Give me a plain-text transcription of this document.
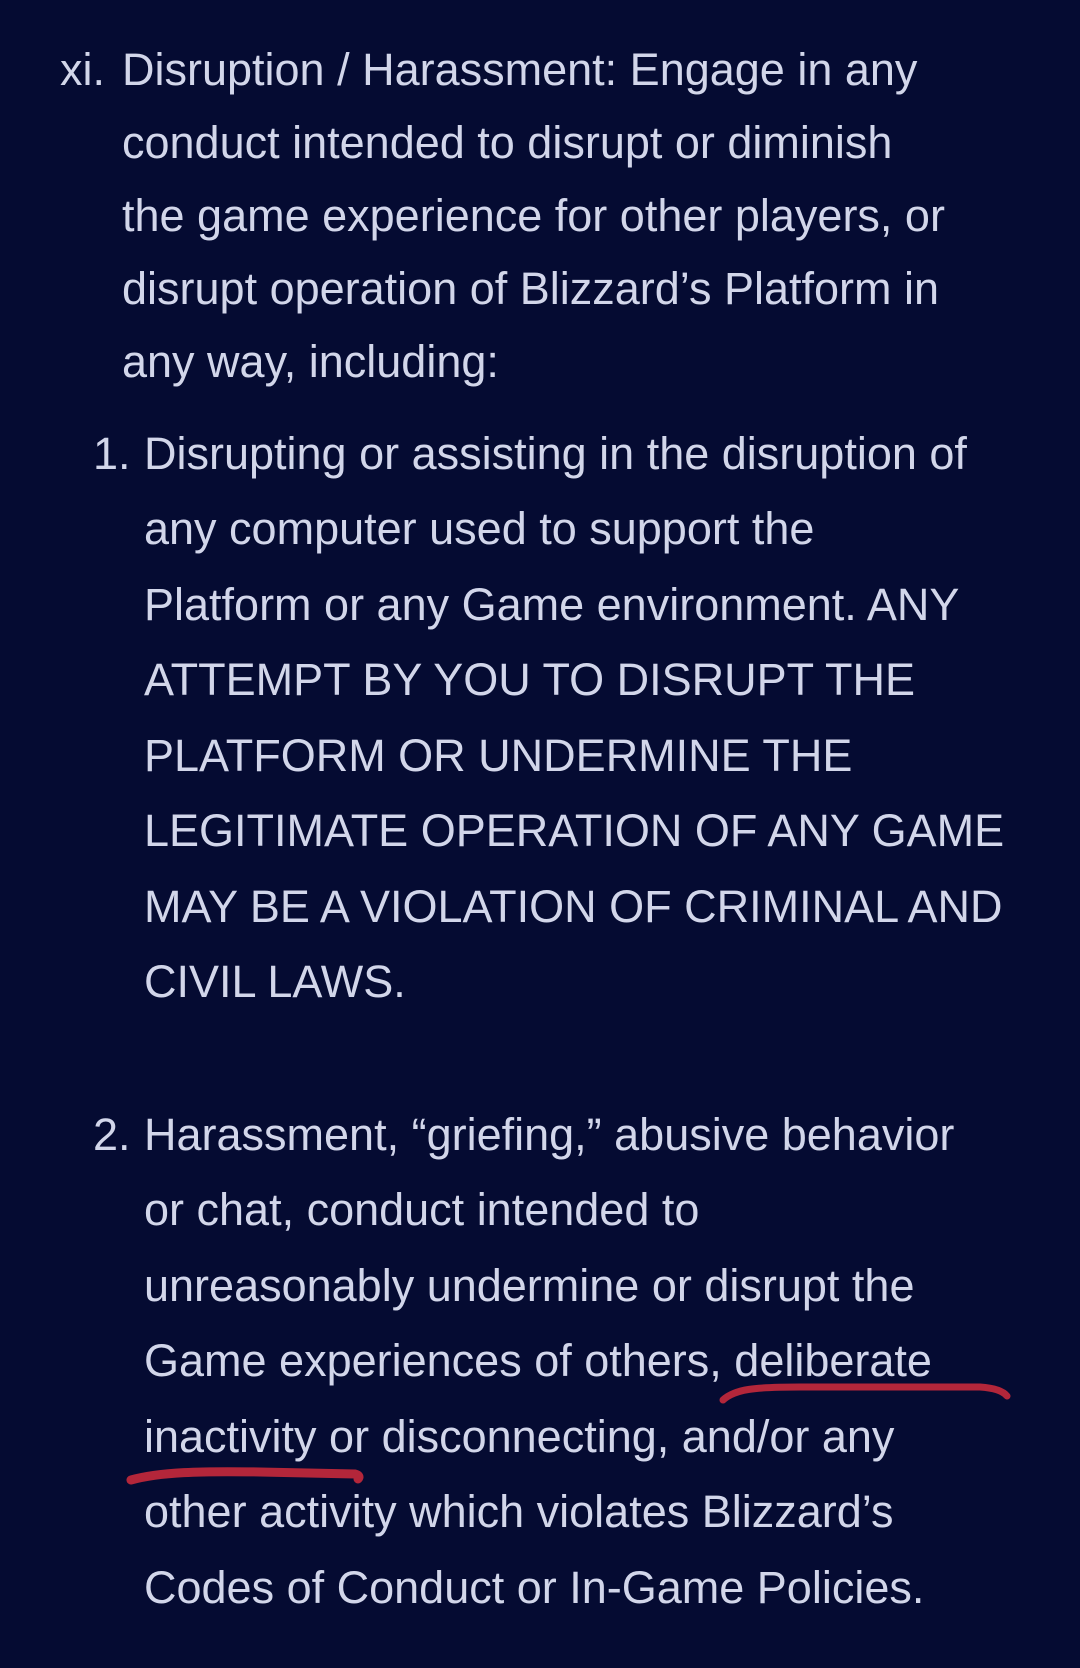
xi. Disruption / Harassment: Engage in any
conduct intended to disrupt or diminish
the game experience for other players, or
disrupt operation of Blizzard’s Platform in
any way, including:
1. Disrupting or assisting in the disruption of
any computer used to support the
Platform or any Game environment. ANY
ATTEMPT BY YOU TO DISRUPT THE
PLATFORM OR UNDERMINE THE
LEGITIMATE OPERATION OF ANY GAME
MAY BE A VIOLATION OF CRIMINAL AND
CIVIL LAWS.
2. Harassment, “griefing,” abusive behavior
or chat, conduct intended to
unreasonably undermine or disrupt the
Game experiences of others, deliberate
inactivity or disconnecting, and/or any
other activity which violates Blizzard’s
Codes of Conduct or In-Game Policies.
